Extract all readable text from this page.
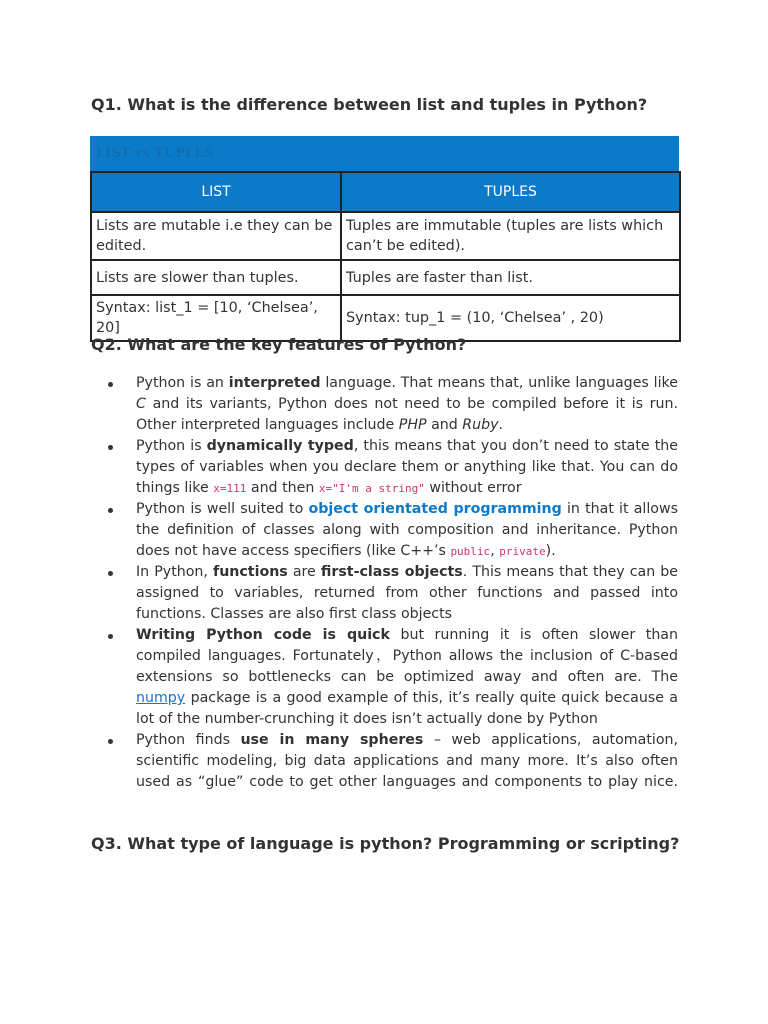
Q1. What is the difference between list and tuples in Python?
LIST vs TUPLES
LIST	TUPLES
Lists are mutable i.e they can be edited.	Tuples are immutable (tuples are lists which can’t be edited).
Lists are slower than tuples.	Tuples are faster than list.
Syntax: list_1 = [10, ‘Chelsea’, 20]	Syntax: tup_1 = (10, ‘Chelsea’ , 20)
Q2. What are the key features of Python?
Python is an interpreted language. That means that, unlike languages like C and its variants, Python does not need to be compiled before it is run. Other interpreted languages include PHP and Ruby.
Python is dynamically typed, this means that you don’t need to state the types of variables when you declare them or anything like that. You can do things like x=111 and then x="I'm a string" without error
Python is well suited to object orientated programming in that it allows the definition of classes along with composition and inheritance. Python does not have access specifiers (like C++’s public, private).
In Python, functions are first-class objects. This means that they can be assigned to variables, returned from other functions and passed into functions. Classes are also first class objects
Writing Python code is quick but running it is often slower than compiled languages. Fortunately，Python allows the inclusion of C-based extensions so bottlenecks can be optimized away and often are. The numpy package is a good example of this, it’s really quite quick because a lot of the number-crunching it does isn’t actually done by Python
Python finds use in many spheres – web applications, automation, scientific modeling, big data applications and many more. It’s also often used as “glue” code to get other languages and components to play nice.
Q3. What type of language is python? Programming or scripting?
